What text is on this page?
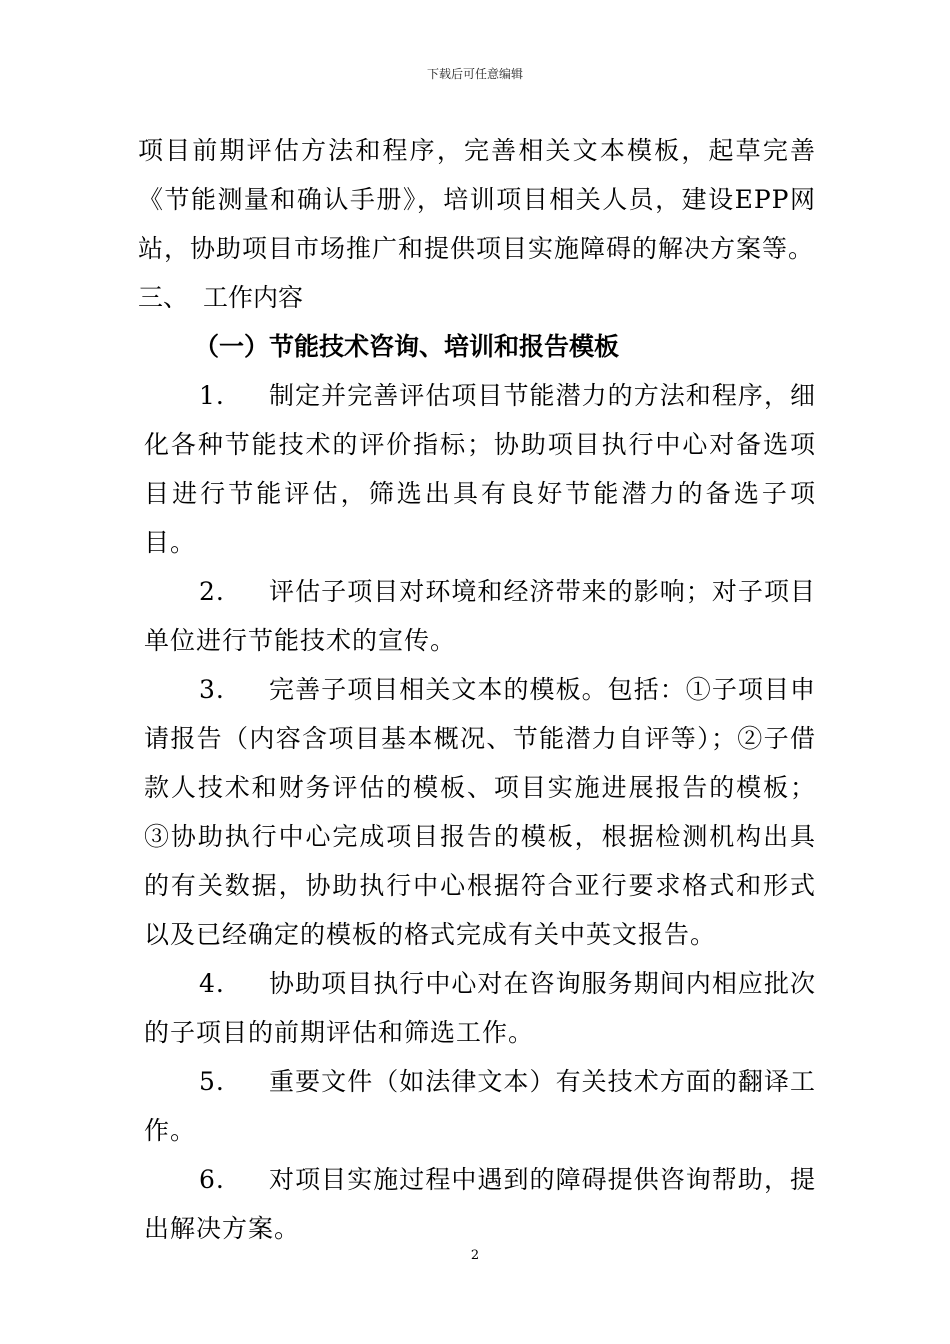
下载后可任意编辑

项目前期评估方法和程序，完善相关文本模板，起草完善《节能测量和确认手册》，培训项目相关人员，建设EPP网站，协助项目市场推广和提供项目实施障碍的解决方案等。

三、 工作内容

（一）节能技术咨询、培训和报告模板

1. 制定并完善评估项目节能潜力的方法和程序，细化各种节能技术的评价指标；协助项目执行中心对备选项目进行节能评估，筛选出具有良好节能潜力的备选子项目。

2. 评估子项目对环境和经济带来的影响；对子项目单位进行节能技术的宣传。

3. 完善子项目相关文本的模板。包括：①子项目申请报告（内容含项目基本概况、节能潜力自评等）；②子借款人技术和财务评估的模板、项目实施进展报告的模板；③协助执行中心完成项目报告的模板，根据检测机构出具的有关数据，协助执行中心根据符合亚行要求格式和形式以及已经确定的模板的格式完成有关中英文报告。

4. 协助项目执行中心对在咨询服务期间内相应批次的子项目的前期评估和筛选工作。

5. 重要文件（如法律文本）有关技术方面的翻译工作。

6. 对项目实施过程中遇到的障碍提供咨询帮助，提出解决方案。

2
